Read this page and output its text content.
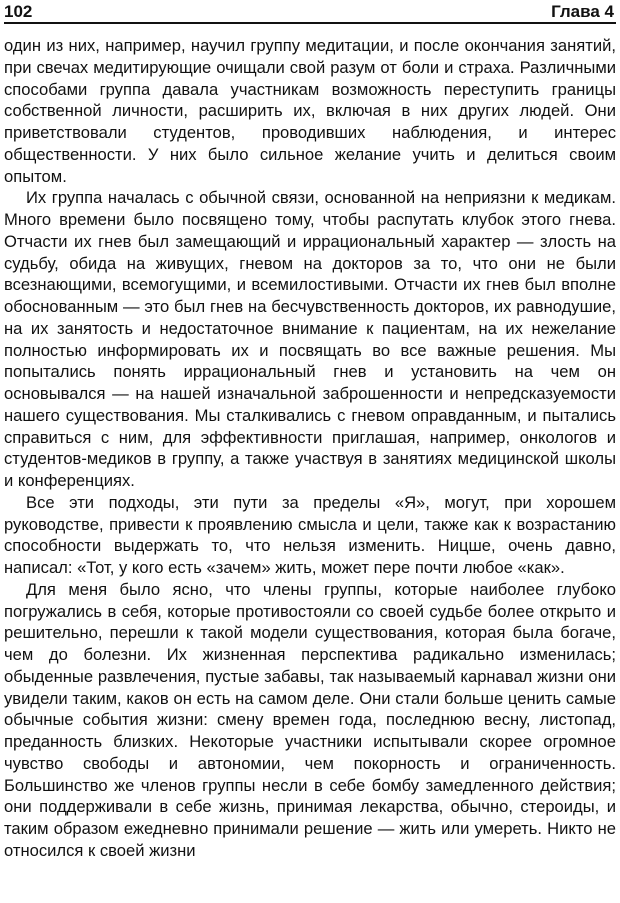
102	Глава 4

один из них, например, научил группу медитации, и после окончания занятий, при свечах медитирующие очищали свой разум от боли и страха. Различными способами группа давала участникам возможность переступить границы собственной личности, расширить их, включая в них других людей. Они приветствовали студентов, проводивших наблюдения, и интерес общественности. У них было сильное желание учить и делиться своим опытом.

Их группа началась с обычной связи, основанной на неприязни к медикам. Много времени было посвящено тому, чтобы распутать клубок этого гнева. Отчасти их гнев был замещающий и иррациональный характер — злость на судьбу, обида на живущих, гневом на докторов за то, что они не были всезнающими, всемогущими, и всемилостивыми. Отчасти их гнев был вполне обоснованным — это был гнев на бесчувственность докторов, их равнодушие, на их занятость и недостаточное внимание к пациентам, на их нежелание полностью информировать их и посвящать во все важные решения. Мы попытались понять иррациональный гнев и установить на чем он основывался — на нашей изначальной заброшенности и непредсказуемости нашего существования. Мы сталкивались с гневом оправданным, и пытались справиться с ним, для эффективности приглашая, например, онкологов и студентов-медиков в группу, а также участвуя в занятиях медицинской школы и конференциях.

Все эти подходы, эти пути за пределы «Я», могут, при хорошем руководстве, привести к проявлению смысла и цели, также как к возрастанию способности выдержать то, что нельзя изменить. Ницше, очень давно, написал: «Тот, у кого есть «зачем» жить, может пере почти любое «как».

Для меня было ясно, что члены группы, которые наиболее глубоко погружались в себя, которые противостояли со своей судьбе более открыто и решительно, перешли к такой модели существования, которая была богаче, чем до болезни. Их жизненная перспектива радикально изменилась; обыденные развлечения, пустые забавы, так называемый карнавал жизни они увидели таким, каков он есть на самом деле. Они стали больше ценить самые обычные события жизни: смену времен года, последнюю весну, листопад, преданность близких. Некоторые участники испытывали скорее огромное чувство свободы и автономии, чем покорность и ограниченность. Большинство же членов группы несли в себе бомбу замедленного действия; они поддерживали в себе жизнь, принимая лекарства, обычно, стероиды, и таким образом ежедневно принимали решение — жить или умереть. Никто не относился к своей жизни
